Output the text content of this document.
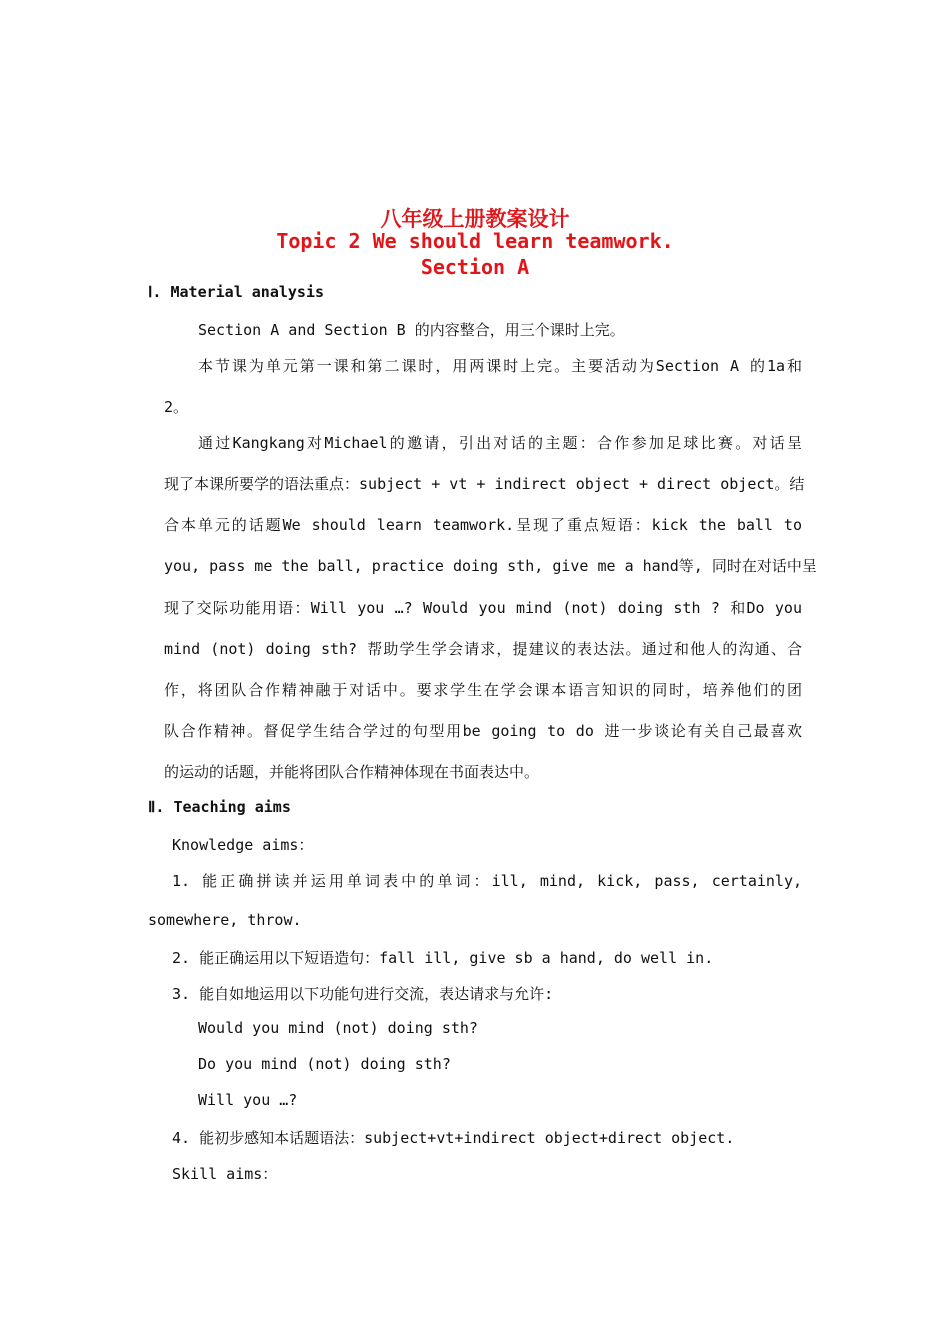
八年级上册教案设计

Topic 2 We should learn teamwork.

Section A

Ⅰ. Material analysis

Section A and Section B 的内容整合，用三个课时上完。

本节课为单元第一课和第二课时，用两课时上完。主要活动为Section A 的1a和

2。

通过Kangkang对Michael的邀请，引出对话的主题：合作参加足球比赛。对话呈

现了本课所要学的语法重点：subject + vt + indirect object + direct object。结

合本单元的话题We should learn teamwork.呈现了重点短语：kick the ball to

you, pass me the ball, practice doing sth, give me a hand等, 同时在对话中呈

现了交际功能用语：Will you …? Would you mind (not) doing sth ? 和Do you

mind (not) doing sth? 帮助学生学会请求，提建议的表达法。通过和他人的沟通、合

作，将团队合作精神融于对话中。要求学生在学会课本语言知识的同时，培养他们的团

队合作精神。督促学生结合学过的句型用be going to do 进一步谈论有关自己最喜欢

的运动的话题，并能将团队合作精神体现在书面表达中。

Ⅱ. Teaching aims

Knowledge aims：

1. 能正确拼读并运用单词表中的单词：ill, mind, kick, pass, certainly,

somewhere, throw.

2. 能正确运用以下短语造句：fall ill, give sb a hand, do well in.

3. 能自如地运用以下功能句进行交流，表达请求与允许:

Would you mind (not) doing sth?

Do you mind (not) doing sth?

Will you …?

4. 能初步感知本话题语法：subject+vt+indirect object+direct object.

Skill aims：
